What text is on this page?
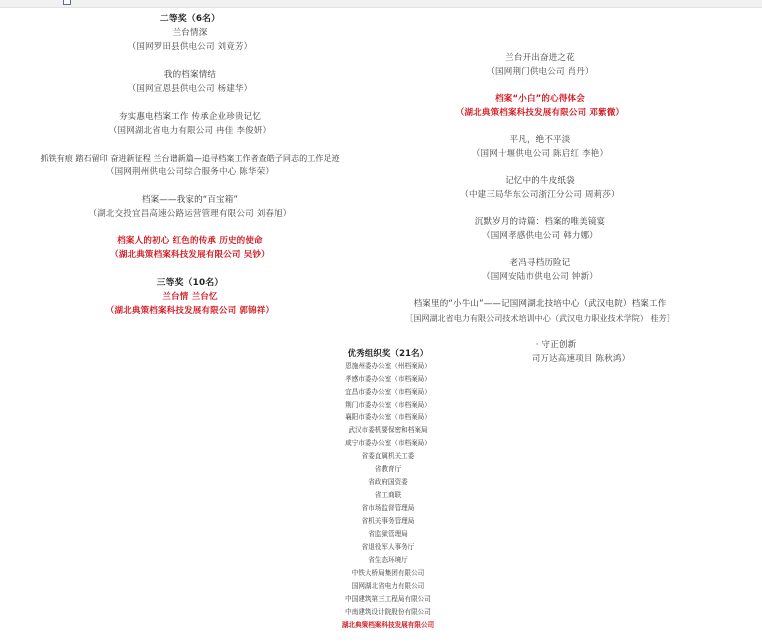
二等奖（6名）
兰台情深
（国网罗田县供电公司 刘竟芳）
我的档案情结
（国网宣恩县供电公司 杨建华）
夯实惠电档案工作 传承企业珍贵记忆
（国网湖北省电力有限公司 冉佳 李俊妍）
抓铁有痕 踏石留印 奋进新征程 兰台谱新篇—追寻档案工作者查皓子同志的工作足迹
（国网荆州供电公司综合服务中心 陈华荣）
档案——我家的“百宝箱”
（湖北交投宜昌高速公路运营管理有限公司 刘春旭）
档案人的初心 红色的传承 历史的使命
（湖北典策档案科技发展有限公司 吴钞）
三等奖（10名）
兰台情 兰台忆
（湖北典策档案科技发展有限公司 郭锦祥）
兰台开出奋进之花
（国网荆门供电公司 肖丹）
档案“小白”的心得体会
（湖北典策档案科技发展有限公司 邓紫微）
平凡，绝不平淡
（国网十堰供电公司 陈启红 李艳）
记忆中的牛皮纸袋
（中建三局华东公司浙江分公司 周莉莎）
沉默岁月的诗篇：档案的唯美镜宴
（国网孝感供电公司 韩力娜）
老冯寻档历险记
（国网安陆市供电公司 钟新）
档案里的“小牛山”——记国网湖北技培中心（武汉电院）档案工作
［国网湖北省电力有限公司技术培训中心（武汉电力职业技术学院） 桂芳］
· 守正创新
司万达高速项目 陈秋鸿）
优秀组织奖（21名）
恩施州委办公室（州档案局）
孝感市委办公室（市档案局）
宜昌市委办公室（市档案局）
荆门市委办公室（市档案局）
襄阳市委办公室（市档案局）
武汉市委机要保密和档案局
咸宁市委办公室（市档案局）
省委直属机关工委
省教育厅
省政府国资委
省工商联
省市场监督管理局
省机关事务管理局
省监狱管理局
省退役军人事务厅
省生态环境厅
中铁大桥局集团有限公司
国网湖北省电力有限公司
中国建筑第三工程局有限公司
中南建筑设计院股份有限公司
湖北典策档案科技发展有限公司
